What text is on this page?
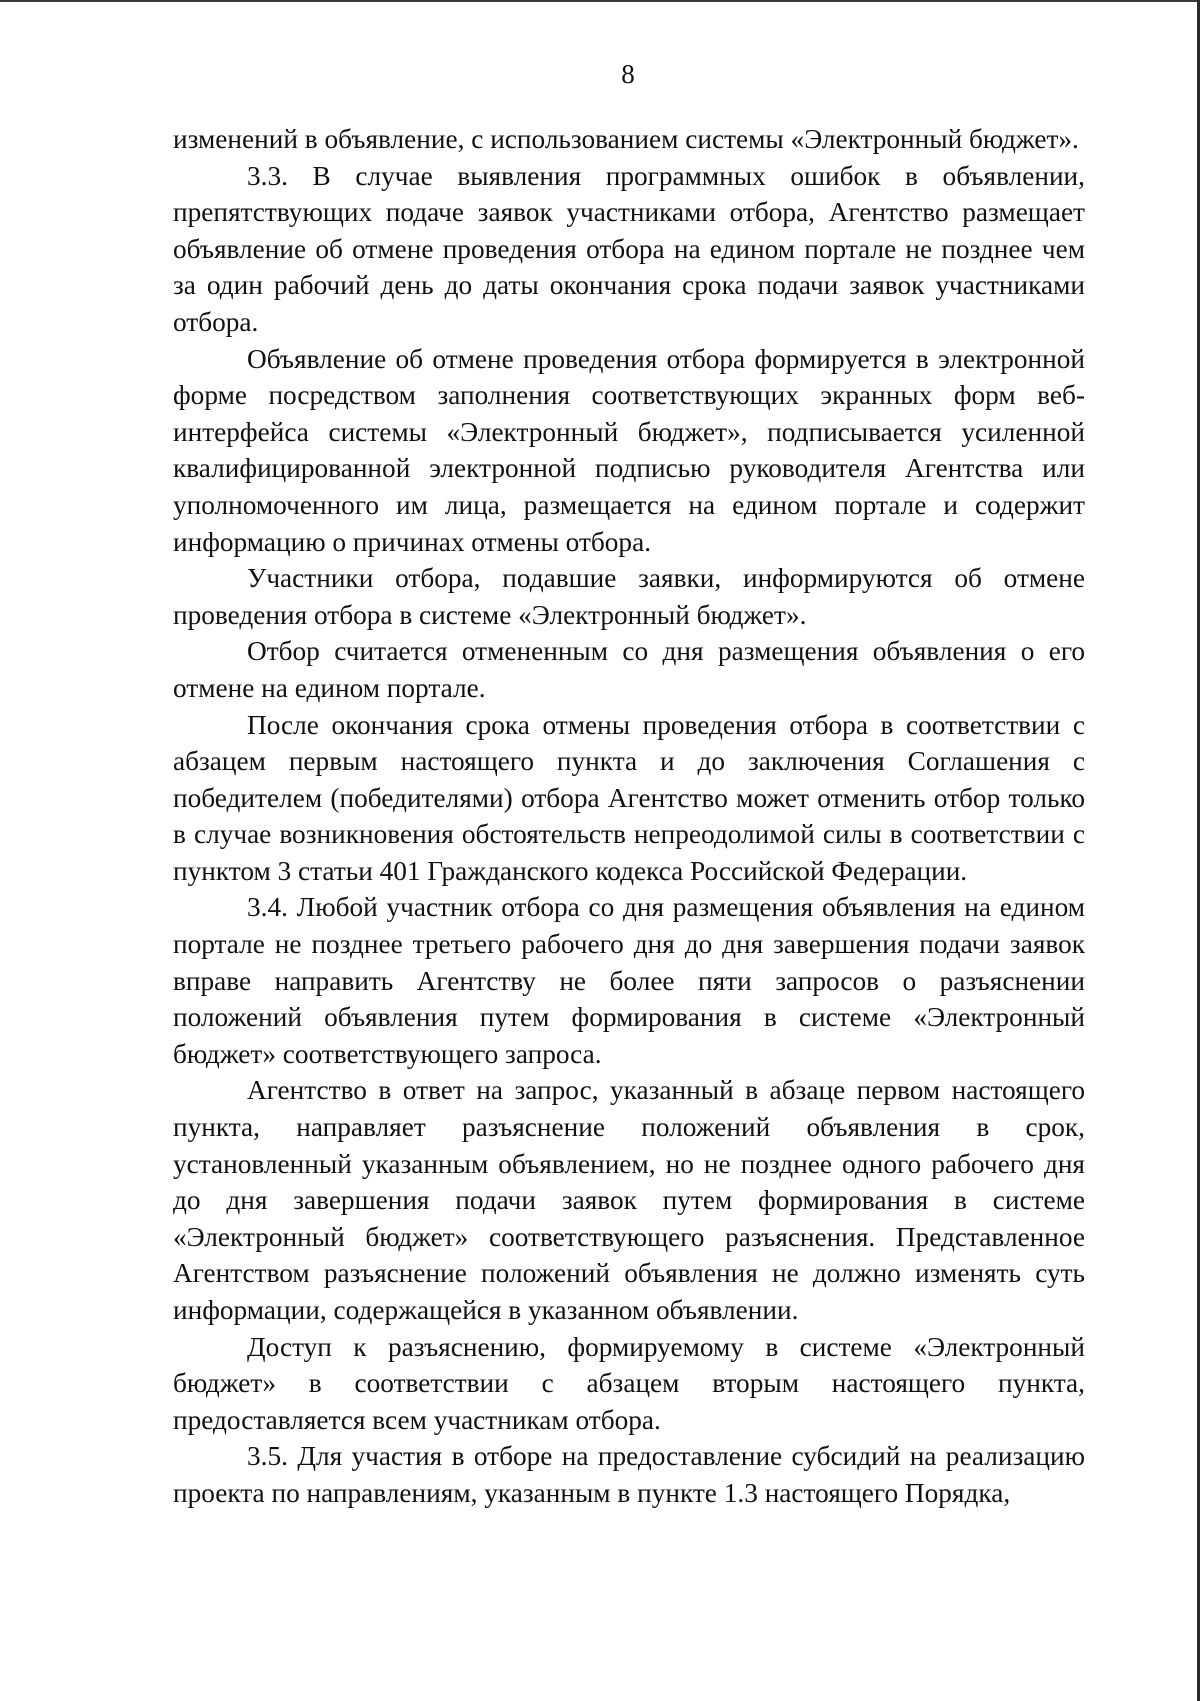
8

изменений в объявление, с использованием системы «Электронный бюджет».

3.3. В случае выявления программных ошибок в объявлении, препятствующих подаче заявок участниками отбора, Агентство размещает объявление об отмене проведения отбора на едином портале не позднее чем за один рабочий день до даты окончания срока подачи заявок участниками отбора.

Объявление об отмене проведения отбора формируется в электронной форме посредством заполнения соответствующих экранных форм веб-интерфейса системы «Электронный бюджет», подписывается усиленной квалифицированной электронной подписью руководителя Агентства или уполномоченного им лица, размещается на едином портале и содержит информацию о причинах отмены отбора.

Участники отбора, подавшие заявки, информируются об отмене проведения отбора в системе «Электронный бюджет».

Отбор считается отмененным со дня размещения объявления о его отмене на едином портале.

После окончания срока отмены проведения отбора в соответствии с абзацем первым настоящего пункта и до заключения Соглашения с победителем (победителями) отбора Агентство может отменить отбор только в случае возникновения обстоятельств непреодолимой силы в соответствии с пунктом 3 статьи 401 Гражданского кодекса Российской Федерации.

3.4. Любой участник отбора со дня размещения объявления на едином портале не позднее третьего рабочего дня до дня завершения подачи заявок вправе направить Агентству не более пяти запросов о разъяснении положений объявления путем формирования в системе «Электронный бюджет» соответствующего запроса.

Агентство в ответ на запрос, указанный в абзаце первом настоящего пункта, направляет разъяснение положений объявления в срок, установленный указанным объявлением, но не позднее одного рабочего дня до дня завершения подачи заявок путем формирования в системе «Электронный бюджет» соответствующего разъяснения. Представленное Агентством разъяснение положений объявления не должно изменять суть информации, содержащейся в указанном объявлении.

Доступ к разъяснению, формируемому в системе «Электронный бюджет» в соответствии с абзацем вторым настоящего пункта, предоставляется всем участникам отбора.

3.5. Для участия в отборе на предоставление субсидий на реализацию проекта по направлениям, указанным в пункте 1.3 настоящего Порядка,
